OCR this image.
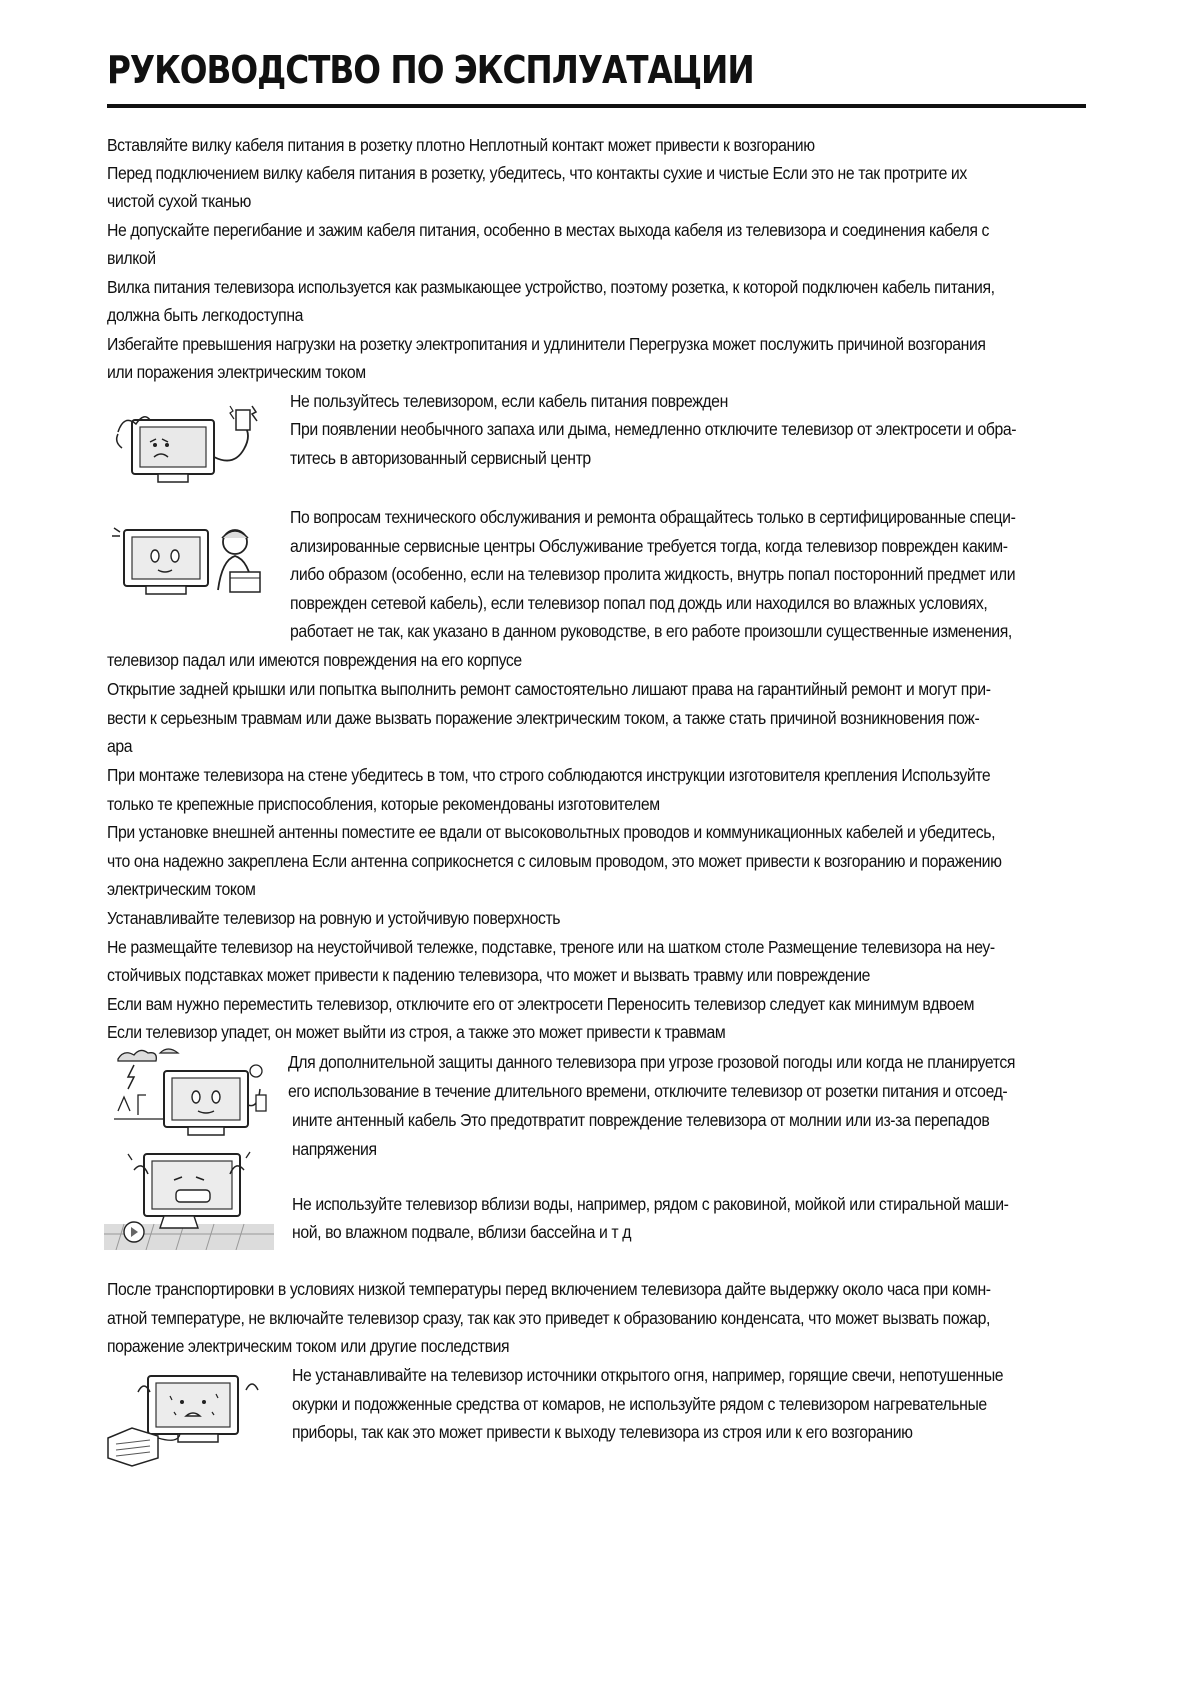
РУКОВОДСТВО ПО ЭКСПЛУАТАЦИИ
Вставляйте вилку кабеля питания в розетку плотно Неплотный контакт может привести к возгоранию
Перед подключением вилку кабеля питания в розетку, убедитесь, что контакты сухие и чистые Если это не так протрите их
чистой сухой тканью
Не допускайте перегибание и зажим кабеля питания, особенно в местах выхода кабеля из телевизора и соединения кабеля с
вилкой
Вилка питания телевизора используется как размыкающее устройство, поэтому розетка, к которой подключен кабель питания,
должна быть легкодоступна
Избегайте превышения нагрузки на розетку электропитания и удлинители Перегрузка может послужить причиной возгорания
или поражения электрическим током
Не пользуйтесь телевизором, если кабель питания поврежден
При появлении необычного запаха или дыма, немедленно отключите телевизор от электросети и обра-
титесь в авторизованный сервисный центр
По вопросам технического обслуживания и ремонта обращайтесь только в сертифицированные специ-
ализированные сервисные центры Обслуживание требуется тогда, когда телевизор поврежден каким-
либо образом (особенно, если на телевизор пролита жидкость, внутрь попал посторонний предмет или
поврежден сетевой кабель), если телевизор попал под дождь или находился во влажных условиях,
работает не так, как указано в данном руководстве, в его работе произошли существенные изменения,
телевизор падал или имеются повреждения на его корпусе
Открытие задней крышки или попытка выполнить ремонт самостоятельно лишают права на гарантийный ремонт и могут при-
вести к серьезным травмам или даже вызвать поражение электрическим током, а также стать причиной возникновения пож-
ара
При монтаже телевизора на стене убедитесь в том, что строго соблюдаются инструкции изготовителя крепления Используйте
только те крепежные приспособления, которые рекомендованы изготовителем
При установке внешней антенны поместите ее вдали от высоковольтных проводов и коммуникационных кабелей и убедитесь,
что она надежно закреплена Если антенна соприкоснется с силовым проводом, это может привести к возгоранию и поражению
электрическим током
Устанавливайте телевизор на ровную и устойчивую поверхность
Не размещайте телевизор на неустойчивой тележке, подставке, треноге или на шатком столе Размещение телевизора на неу-
стойчивых подставках может привести к падению телевизора, что может и вызвать травму или повреждение
Если вам нужно переместить телевизор, отключите его от электросети Переносить телевизор следует как минимум вдвоем
Если телевизор упадет, он может выйти из строя, а также это может привести к травмам
Для дополнительной защиты данного телевизора при угрозе грозовой погоды или когда не планируется
его использование в течение длительного времени, отключите телевизор от розетки питания и отсоед-
ините антенный кабель Это предотвратит повреждение телевизора от молнии или из-за перепадов
напряжения
Не используйте телевизор вблизи воды, например, рядом с раковиной, мойкой или стиральной маши-
ной, во влажном подвале, вблизи бассейна и т д
После транспортировки в условиях низкой температуры перед включением телевизора дайте выдержку около часа при комн-
атной температуре, не включайте телевизор сразу, так как это приведет к образованию конденсата, что может вызвать пожар,
поражение электрическим током или другие последствия
Не устанавливайте на телевизор источники открытого огня, например, горящие свечи, непотушенные
окурки и подожженные средства от комаров, не используйте рядом с телевизором нагревательные
приборы, так как это может привести к выходу телевизора из строя или к его возгоранию
